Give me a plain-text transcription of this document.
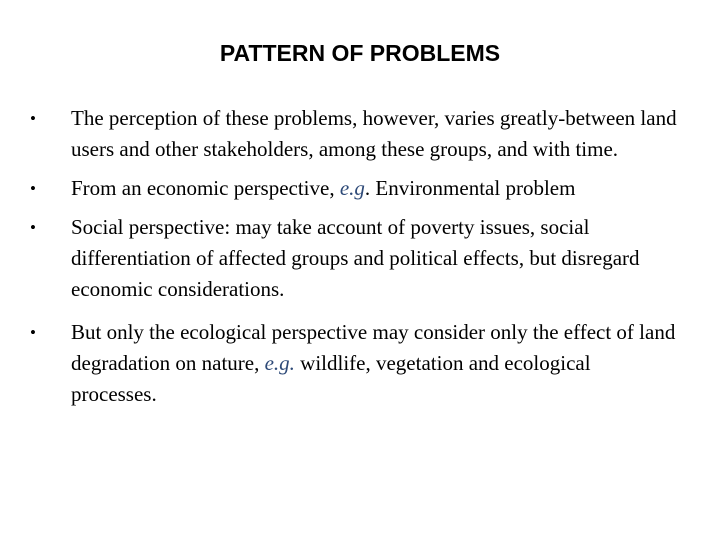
PATTERN OF PROBLEMS
• The perception of these problems, however, varies greatly-between land users and other stakeholders, among these groups, and with time.
• From an economic perspective, e.g. Environmental problem
• Social perspective: may take account of poverty issues, social differentiation of affected groups and political effects, but disregard economic considerations.
• But only the ecological perspective may consider only the effect of land degradation on nature, e.g. wildlife, vegetation and ecological processes.
